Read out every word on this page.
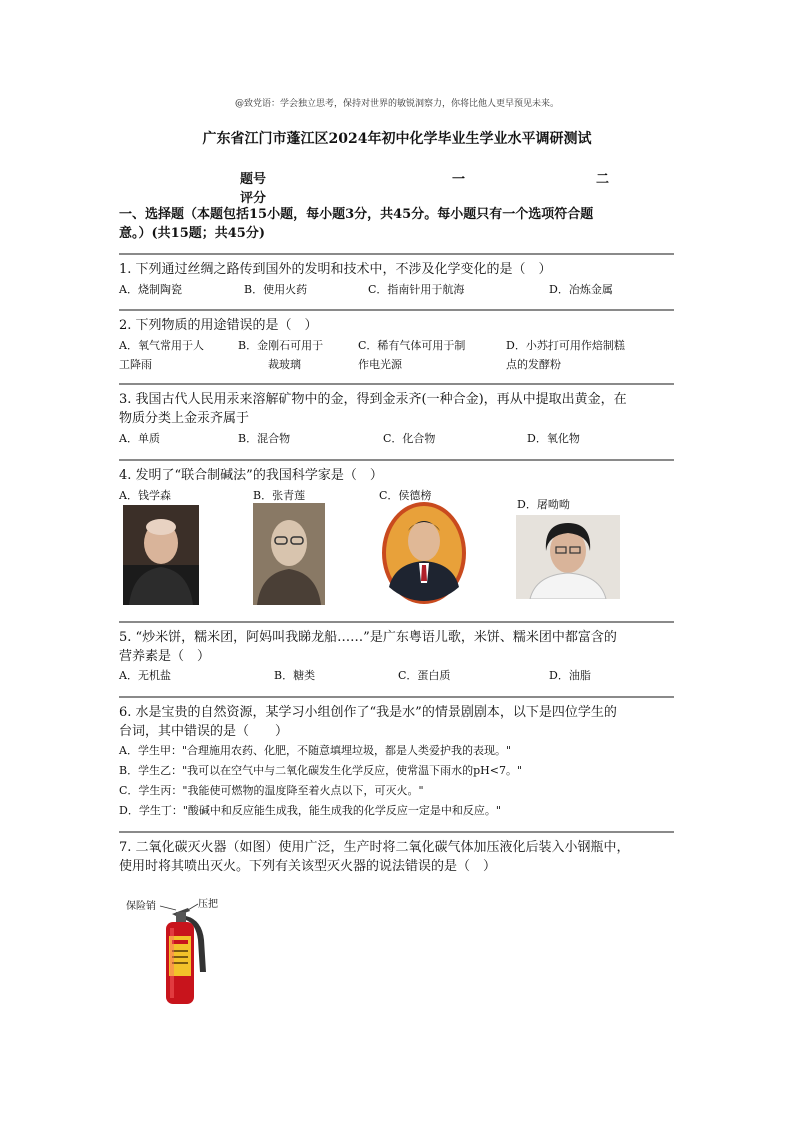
@致党语：学会独立思考，保持对世界的敏锐洞察力，你将比他人更早预见未来。
广东省江门市蓬江区2024年初中化学毕业生学业水平调研测试
题号	一	二
评分
一、选择题（本题包括15小题，每小题3分，共45分。每小题只有一个选项符合题
意。）(共15题；共45分)
1. 下列通过丝绸之路传到国外的发明和技术中，不涉及化学变化的是（　）
A．烧制陶瓷	B．使用火药	C．指南针用于航海	D．冶炼金属
2. 下列物质的用途错误的是（　）
A．氧气常用于人
工降雨
B．金刚石可用于
裁玻璃
C．稀有气体可用于制
作电光源
D．小苏打可用作焙制糕
点的发酵粉
3. 我国古代人民用汞来溶解矿物中的金，得到金汞齐(一种合金)，再从中提取出黄金，在
物质分类上金汞齐属于
A．单质	B．混合物	C．化合物	D．氧化物
4. 发明了“联合制碱法”的我国科学家是（　）
A．钱学森	B．张青莲	C．侯德榜
D．屠呦呦
5. “炒米饼，糯米团，阿妈叫我睇龙船……”是广东粤语儿歌，米饼、糯米团中都富含的
营养素是（　）
A．无机盐	B．糖类	C．蛋白质	D．油脂
6. 水是宝贵的自然资源，某学习小组创作了“我是水”的情景剧剧本，以下是四位学生的
台词，其中错误的是（　　）
A．学生甲："合理施用农药、化肥，不随意填埋垃圾，都是人类爱护我的表现。"
B．学生乙："我可以在空气中与二氧化碳发生化学反应，使常温下雨水的pH<7。"
C．学生丙："我能使可燃物的温度降至着火点以下，可灭火。"
D．学生丁："酸碱中和反应能生成我，能生成我的化学反应一定是中和反应。"
7. 二氧化碳灭火器（如图）使用广泛，生产时将二氧化碳气体加压液化后装入小钢瓶中，
使用时将其喷出灭火。下列有关该型灭火器的说法错误的是（　）
保险销	压把
